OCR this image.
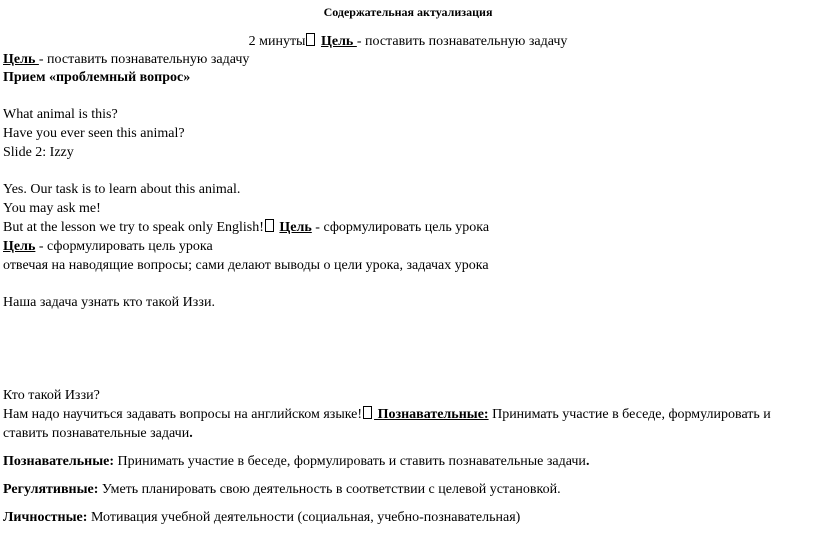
Содержательная актуализация
2 минуты Цель - поставить познавательную задачу
Цель - поставить познавательную задачу
Прием «проблемный вопрос»
What animal is this?
Have you ever seen this animal?
Slide 2: Izzy
Yes. Our task is to learn about this animal.
You may ask me!
But at the lesson we try to speak only English! Цель - сформулировать цель урока
Цель - сформулировать цель урока
отвечая на наводящие вопросы; сами делают выводы о цели урока, задачах урока
Наша задача узнать кто такой Иззи.
Кто такой Иззи?
Нам надо научиться задавать вопросы на английском языке! Познавательные: Принимать участие в беседе, формулировать и
ставить познавательные задачи.
Познавательные: Принимать участие в беседе, формулировать и ставить познавательные задачи.
Регулятивные: Уметь планировать свою деятельность в соответствии с целевой установкой.
Личностные: Мотивация учебной деятельности (социальная, учебно-познавательная)
